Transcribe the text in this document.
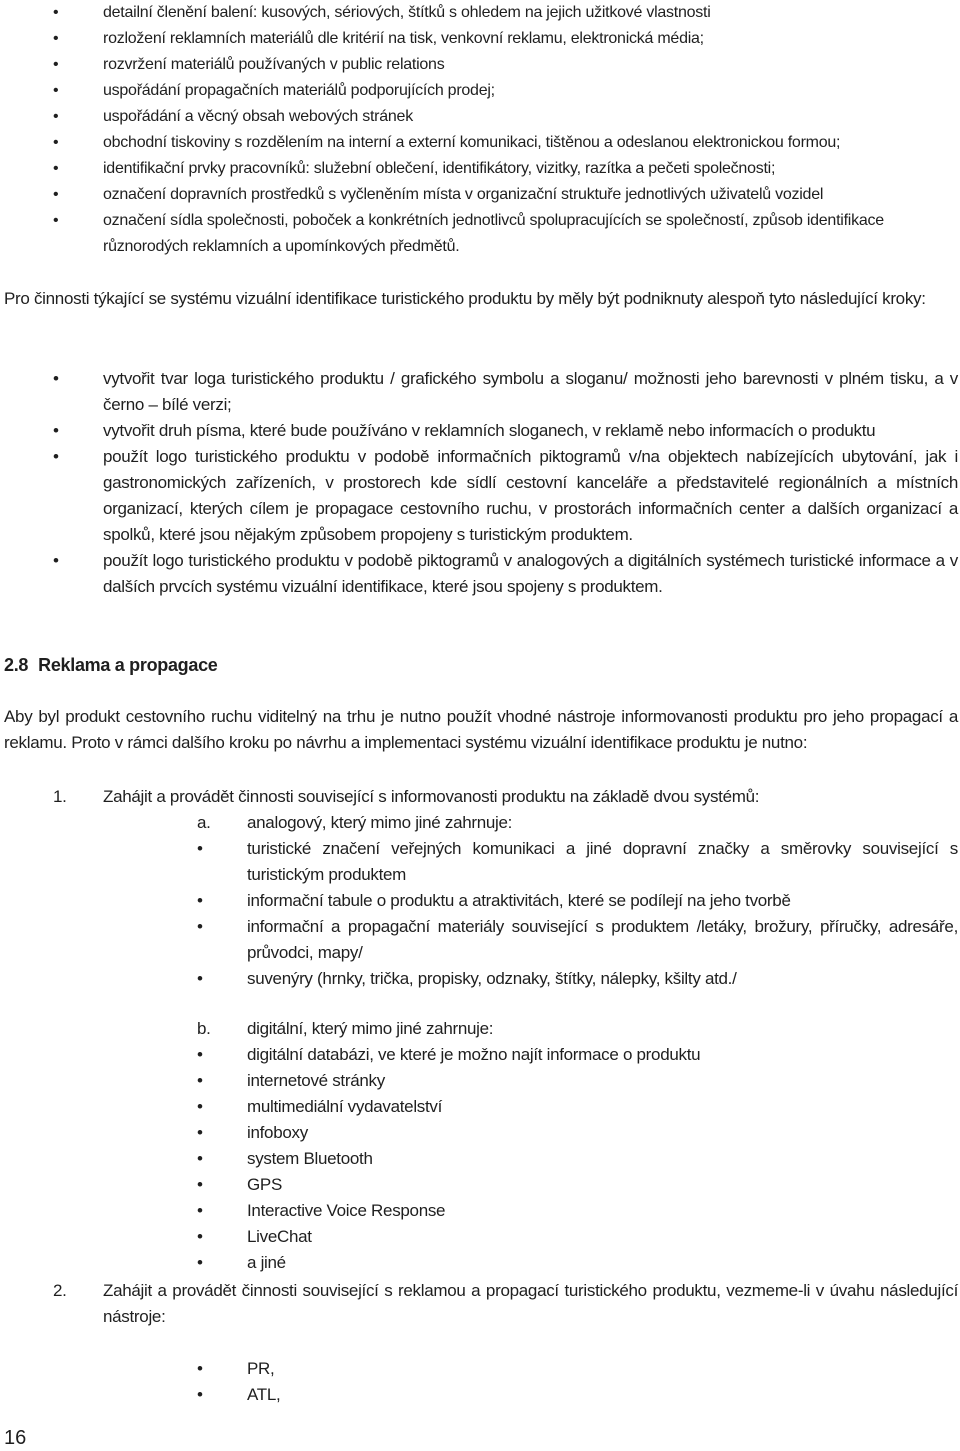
•	detailní členění balení: kusových, sériových, štítků s ohledem na jejich užitkové vlastnosti
•	rozložení reklamních materiálů dle kritérií na tisk, venkovní reklamu, elektronická média;
•	rozvržení materiálů používaných v public relations
•	uspořádání propagačních materiálů podporujících prodej;
•	uspořádání a věcný obsah webových stránek
•	obchodní tiskoviny s rozdělením na interní a externí komunikaci, tištěnou a odeslanou elektronickou formou;
•	identifikační prvky pracovníků: služební oblečení, identifikátory, vizitky, razítka a pečeti společnosti;
•	označení dopravních prostředků s vyčleněním místa v organizační struktuře jednotlivých uživatelů vozidel
•	označení sídla společnosti, poboček a konkrétních jednotlivců spolupracujících se společností, způsob identifikace různorodých reklamních a upomínkových předmětů.

Pro činnosti týkající se systému vizuální identifikace turistického produktu by měly být podniknuty alespoň tyto následující kroky:

•	vytvořit tvar loga turistického produktu / grafického symbolu a sloganu/ možnosti jeho barevnosti v plném tisku, a v černo – bílé verzi;
•	vytvořit druh písma, které bude používáno v reklamních sloganech, v reklamě nebo informacích o produktu
•	použít logo turistického produktu v podobě informačních piktogramů v/na objektech nabízejících ubytování, jak i gastronomických zařízeních, v prostorech kde sídlí cestovní kanceláře a představitelé regionálních a místních organizací, kterých cílem je propagace cestovního ruchu, v prostorách informačních center a dalších organizací a spolků, které jsou nějakým způsobem propojeny s turistickým produktem.
•	použít logo turistického produktu v podobě piktogramů v analogových a digitálních systémech turistické informace a v dalších prvcích systému vizuální identifikace, které jsou spojeny s produktem.
2.8 Reklama a propagace

Aby byl produkt cestovního ruchu viditelný na trhu je nutno použít vhodné nástroje informovanosti produktu pro jeho propagací a reklamu. Proto v rámci dalšího kroku po návrhu a implementaci systému vizuální identifikace produktu je nutno:

1. Zahájit a provádět činnosti související s informovanosti produktu na základě dvou systémů:
a. analogový, který mimo jiné zahrnuje:
•	turistické značení veřejných komunikaci a jiné dopravní značky a směrovky související s turistickým produktem
•	informační tabule o produktu a atraktivitách, které se podílejí na jeho tvorbě
•	informační a propagační materiály související s produktem /letáky, brožury, příručky, adresáře, průvodci, mapy/
•	suvenýry (hrnky, trička, propisky, odznaky, štítky, nálepky, kšilty atd./
b. digitální, který mimo jiné zahrnuje:
•	digitální databázi, ve které je možno najít informace o produktu
•	internetové stránky
•	multimediální vydavatelství
•	infoboxy
•	system Bluetooth
•	GPS
•	Interactive Voice Response
•	LiveChat
•	a jiné
2. Zahájit a provádět činnosti související s reklamou a propagací turistického produktu, vezmeme-li v úvahu následující nástroje:
•	PR,
•	ATL,
16
